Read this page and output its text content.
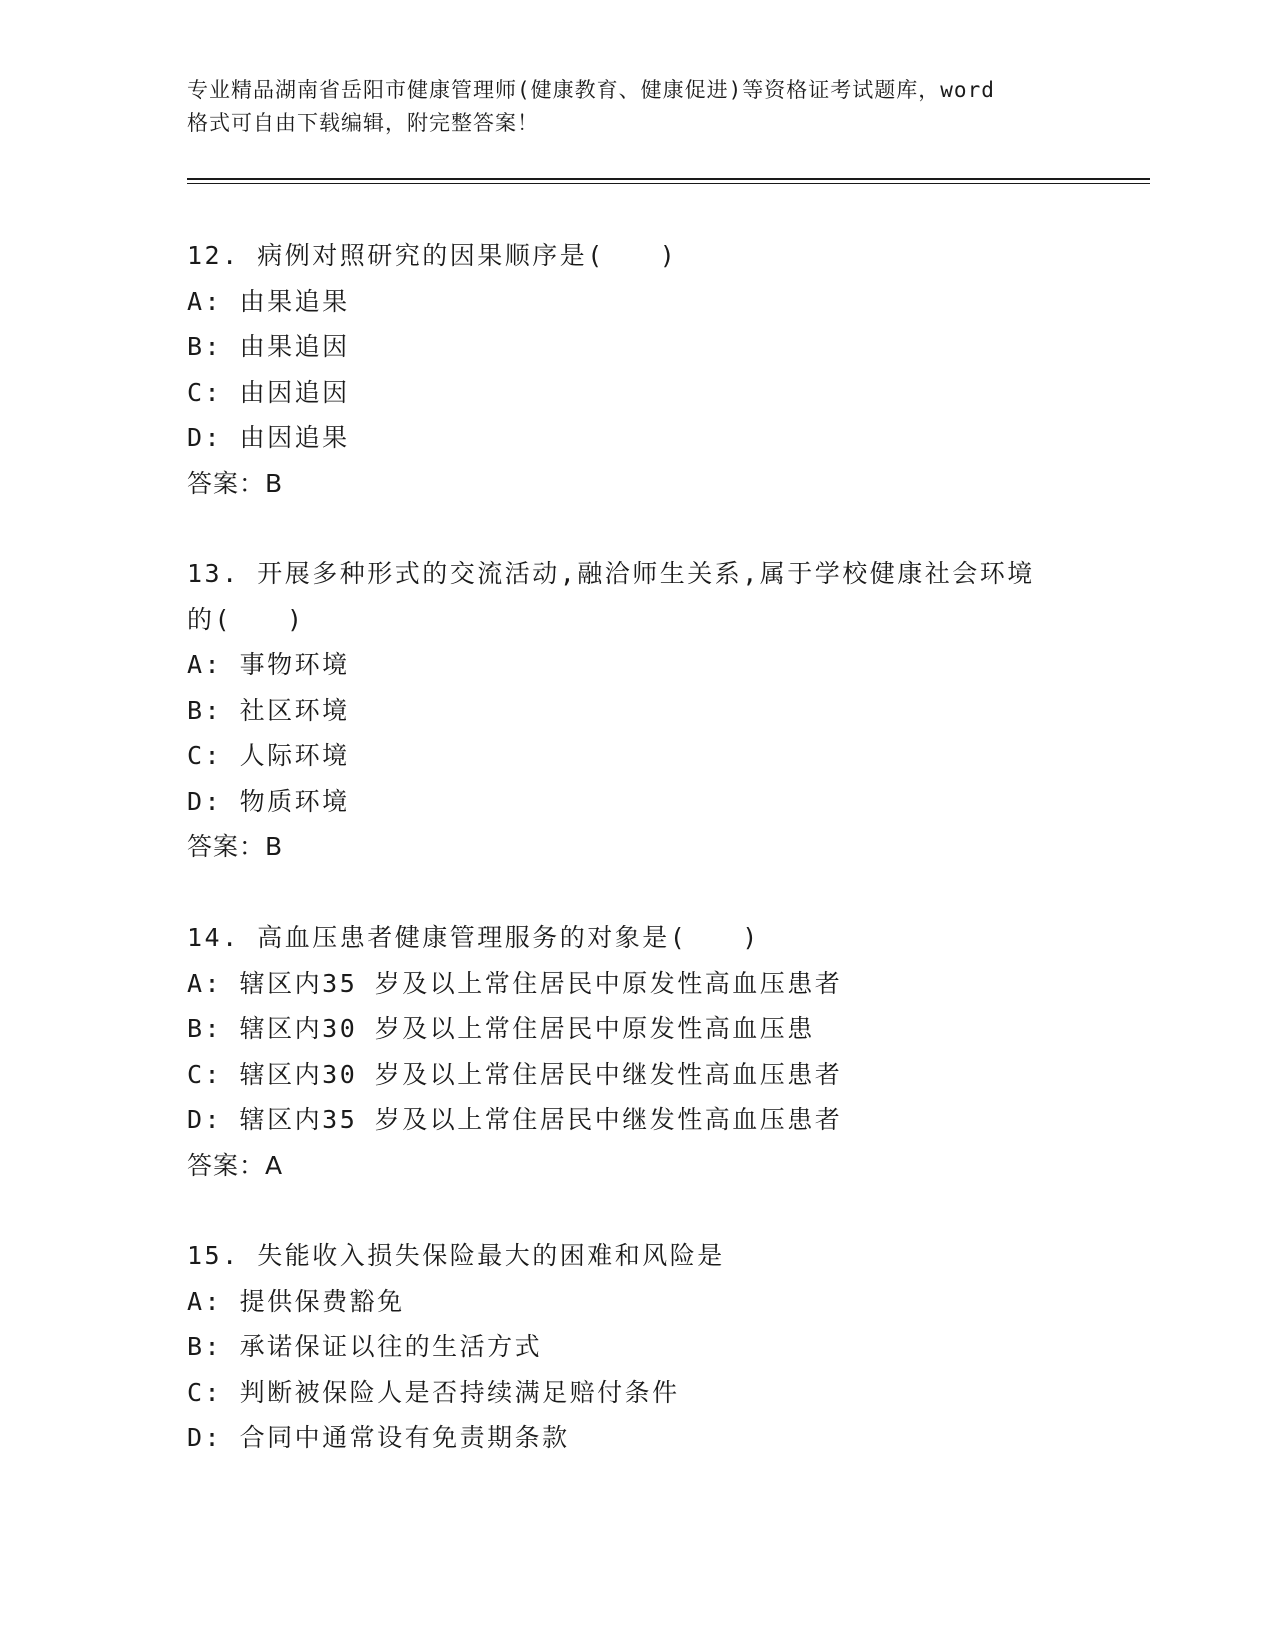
专业精品湖南省岳阳市健康管理师(健康教育、健康促进)等资格证考试题库，word
格式可自由下载编辑，附完整答案！
12. 病例对照研究的因果顺序是(　　)
A: 由果追果
B: 由果追因
C: 由因追因
D: 由因追果
答案：B
13. 开展多种形式的交流活动,融洽师生关系,属于学校健康社会环境
的(　　)
A: 事物环境
B: 社区环境
C: 人际环境
D: 物质环境
答案：B
14. 高血压患者健康管理服务的对象是(　　)
A: 辖区内35 岁及以上常住居民中原发性高血压患者
B: 辖区内30 岁及以上常住居民中原发性高血压患
C: 辖区内30 岁及以上常住居民中继发性高血压患者
D: 辖区内35 岁及以上常住居民中继发性高血压患者
答案：A
15. 失能收入损失保险最大的困难和风险是
A: 提供保费豁免
B: 承诺保证以往的生活方式
C: 判断被保险人是否持续满足赔付条件
D: 合同中通常设有免责期条款
